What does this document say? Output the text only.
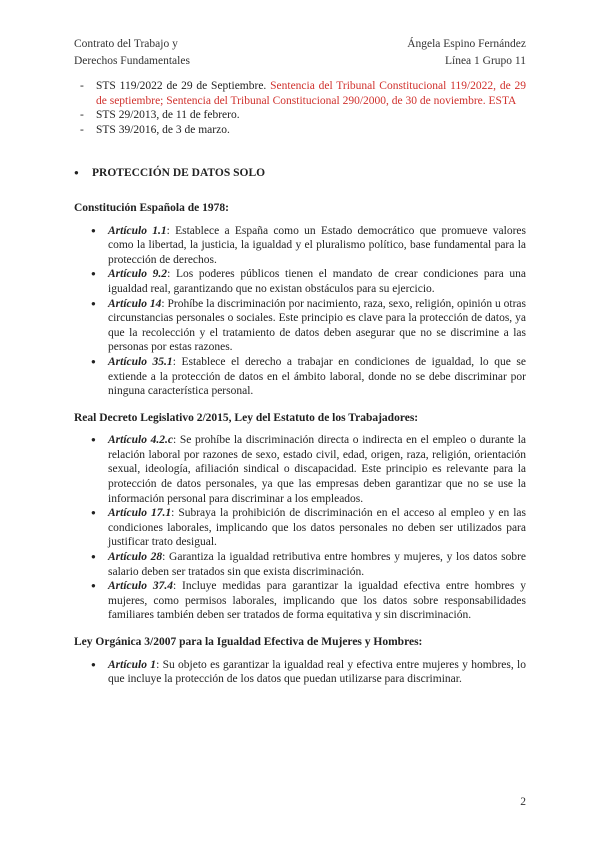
Contrato del Trabajo y
Derechos Fundamentales
Ángela Espino Fernández
Línea 1 Grupo 11
- STS 119/2022 de 29 de Septiembre. Sentencia del Tribunal Constitucional 119/2022, de 29 de septiembre; Sentencia del Tribunal Constitucional 290/2000, de 30 de noviembre. ESTA
- STS 29/2013, de 11 de febrero.
- STS 39/2016, de 3 de marzo.
● PROTECCIÓN DE DATOS SOLO
Constitución Española de 1978:
● Artículo 1.1: Establece a España como un Estado democrático que promueve valores como la libertad, la justicia, la igualdad y el pluralismo político, base fundamental para la protección de derechos.
● Artículo 9.2: Los poderes públicos tienen el mandato de crear condiciones para una igualdad real, garantizando que no existan obstáculos para su ejercicio.
● Artículo 14: Prohíbe la discriminación por nacimiento, raza, sexo, religión, opinión u otras circunstancias personales o sociales. Este principio es clave para la protección de datos, ya que la recolección y el tratamiento de datos deben asegurar que no se discrimine a las personas por estas razones.
● Artículo 35.1: Establece el derecho a trabajar en condiciones de igualdad, lo que se extiende a la protección de datos en el ámbito laboral, donde no se debe discriminar por ninguna característica personal.
Real Decreto Legislativo 2/2015, Ley del Estatuto de los Trabajadores:
● Artículo 4.2.c: Se prohíbe la discriminación directa o indirecta en el empleo o durante la relación laboral por razones de sexo, estado civil, edad, origen, raza, religión, orientación sexual, ideología, afiliación sindical o discapacidad. Este principio es relevante para la protección de datos personales, ya que las empresas deben garantizar que no se use la información personal para discriminar a los empleados.
● Artículo 17.1: Subraya la prohibición de discriminación en el acceso al empleo y en las condiciones laborales, implicando que los datos personales no deben ser utilizados para justificar trato desigual.
● Artículo 28: Garantiza la igualdad retributiva entre hombres y mujeres, y los datos sobre salario deben ser tratados sin que exista discriminación.
● Artículo 37.4: Incluye medidas para garantizar la igualdad efectiva entre hombres y mujeres, como permisos laborales, implicando que los datos sobre responsabilidades familiares también deben ser tratados de forma equitativa y sin discriminación.
Ley Orgánica 3/2007 para la Igualdad Efectiva de Mujeres y Hombres:
● Artículo 1: Su objeto es garantizar la igualdad real y efectiva entre mujeres y hombres, lo que incluye la protección de los datos que puedan utilizarse para discriminar.
2
